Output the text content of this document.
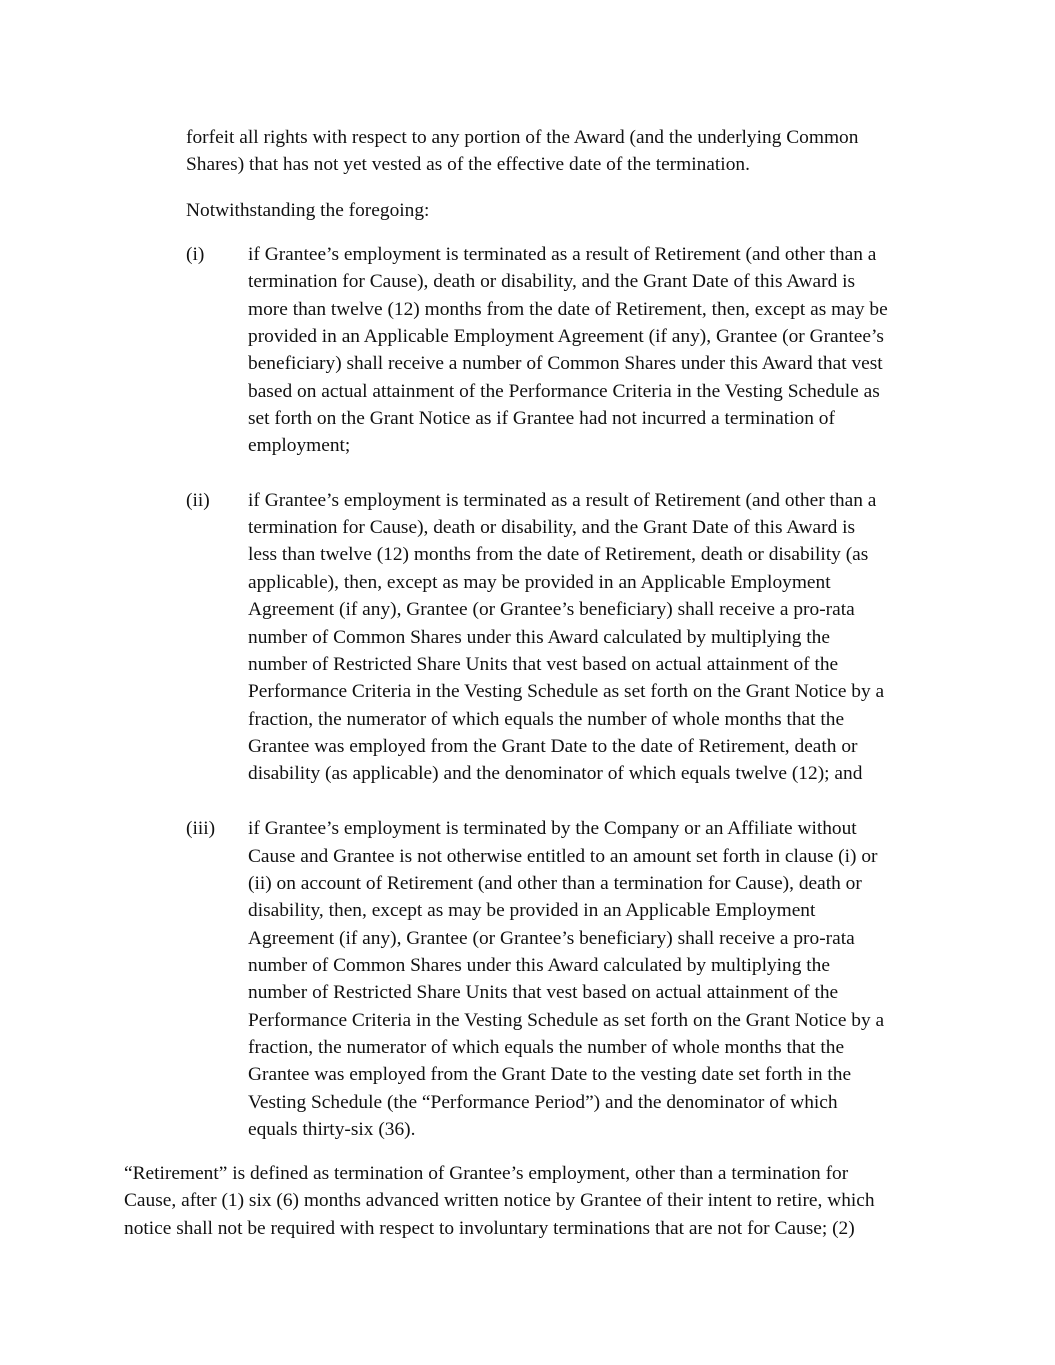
forfeit all rights with respect to any portion of the Award (and the underlying Common
Shares) that has not yet vested as of the effective date of the termination.
Notwithstanding the foregoing:
(i) if Grantee’s employment is terminated as a result of Retirement (and other than a
termination for Cause), death or disability, and the Grant Date of this Award is
more than twelve (12) months from the date of Retirement, then, except as may be
provided in an Applicable Employment Agreement (if any), Grantee (or Grantee’s
beneficiary) shall receive a number of Common Shares under this Award that vest
based on actual attainment of the Performance Criteria in the Vesting Schedule as
set forth on the Grant Notice as if Grantee had not incurred a termination of
employment;
(ii) if Grantee’s employment is terminated as a result of Retirement (and other than a
termination for Cause), death or disability, and the Grant Date of this Award is
less than twelve (12) months from the date of Retirement, death or disability (as
applicable), then, except as may be provided in an Applicable Employment
Agreement (if any), Grantee (or Grantee’s beneficiary) shall receive a pro-rata
number of Common Shares under this Award calculated by multiplying the
number of Restricted Share Units that vest based on actual attainment of the
Performance Criteria in the Vesting Schedule as set forth on the Grant Notice by a
fraction, the numerator of which equals the number of whole months that the
Grantee was employed from the Grant Date to the date of Retirement, death or
disability (as applicable) and the denominator of which equals twelve (12); and
(iii) if Grantee’s employment is terminated by the Company or an Affiliate without
Cause and Grantee is not otherwise entitled to an amount set forth in clause (i) or
(ii) on account of Retirement (and other than a termination for Cause), death or
disability, then, except as may be provided in an Applicable Employment
Agreement (if any), Grantee (or Grantee’s beneficiary) shall receive a pro-rata
number of Common Shares under this Award calculated by multiplying the
number of Restricted Share Units that vest based on actual attainment of the
Performance Criteria in the Vesting Schedule as set forth on the Grant Notice by a
fraction, the numerator of which equals the number of whole months that the
Grantee was employed from the Grant Date to the vesting date set forth in the
Vesting Schedule (the “Performance Period”) and the denominator of which
equals thirty-six (36).
“Retirement” is defined as termination of Grantee’s employment, other than a termination for
Cause, after (1) six (6) months advanced written notice by Grantee of their intent to retire, which
notice shall not be required with respect to involuntary terminations that are not for Cause; (2)
